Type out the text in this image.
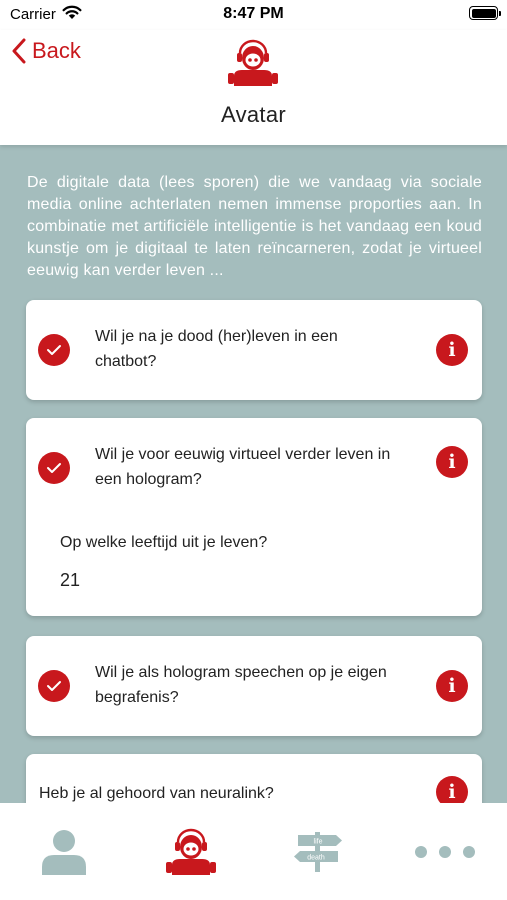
Carrier	8:47 PM
Back
Avatar

De digitale data (lees sporen) die we vandaag via sociale media online achterlaten nemen immense proporties aan. In combinatie met artificiële intelligentie is het vandaag een koud kunstje om je digitaal te laten reïncarneren, zodat je virtueel eeuwig kan verder leven ...

Wil je na je dood (her)leven in een chatbot?
i
Wil je voor eeuwig virtueel verder leven in een hologram?
i
Op welke leeftijd uit je leven?
21
Wil je als hologram speechen op je eigen begrafenis?
i
Heb je al gehoord van neuralink?	i
life
death
